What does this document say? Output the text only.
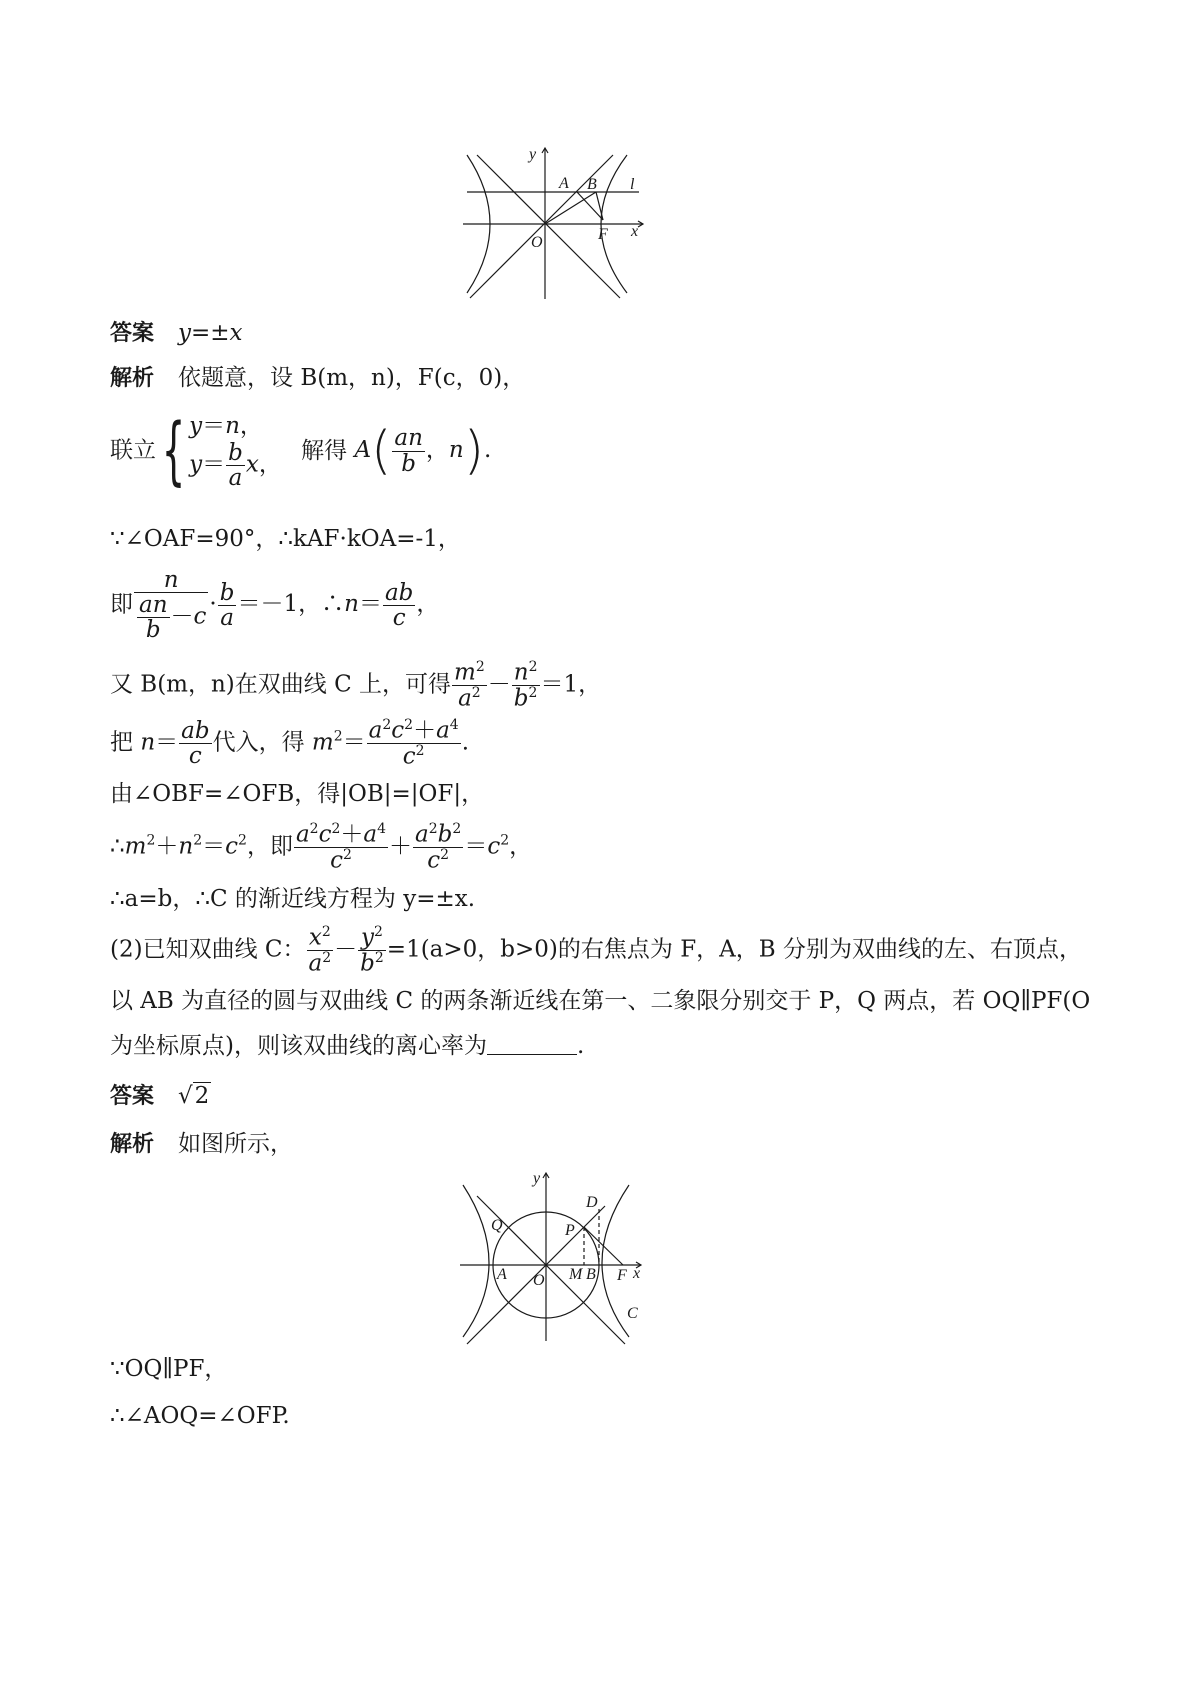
y
x
O
A B
F
l
答案 y=±x
解析 依题意，设 B(m，n)，F(c，0)，
联立{ y＝n，
$y= \frac{b}{a}$ x，
解得 $A( \frac{an}{b}$ ，n).
∵∠OAF=90°，∴kAF·kOA=-1，
即 $\frac{n}{\frac{an}{b} -c} \cdot \frac{b}{a} =-1$，∴n＝ $\frac{ab}{c}$ ，
又 B(m，n)在双曲线 C 上，可得 $\frac{m^2}{a^2} - \frac{n^2}{b^2} =1$，
把 $n= \frac{ab}{c}$ 代入，得 $m^2= \frac{a^2c^2+a^4}{c^2}$ .
由∠OBF=∠OFB，得|OB|=|OF|，
$\therefore m^2+n^2=c^2$，即 $\frac{a^2c^2+a^4}{c^2} + \frac{a^2b^2}{c^2} =c^2$，
∴a=b，∴C 的渐近线方程为 y=±x.
(2)已知双曲线 C： $\frac{x^2}{a^2} - \frac{y^2}{b^2} =1(a>0$，b>0)的右焦点为 F，A，B 分别为双曲线的左、右顶点，
以 AB 为直径的圆与双曲线 C 的两条渐近线在第一、二象限分别交于 P，Q 两点，若 OQ∥PF(O
为坐标原点)，则该双曲线的离心率为	.
答案 √2
解析 如图所示，
y
x
O
A	M B F
P
Q
D
C
∵OQ∥PF，
∴∠AOQ=∠OFP.
